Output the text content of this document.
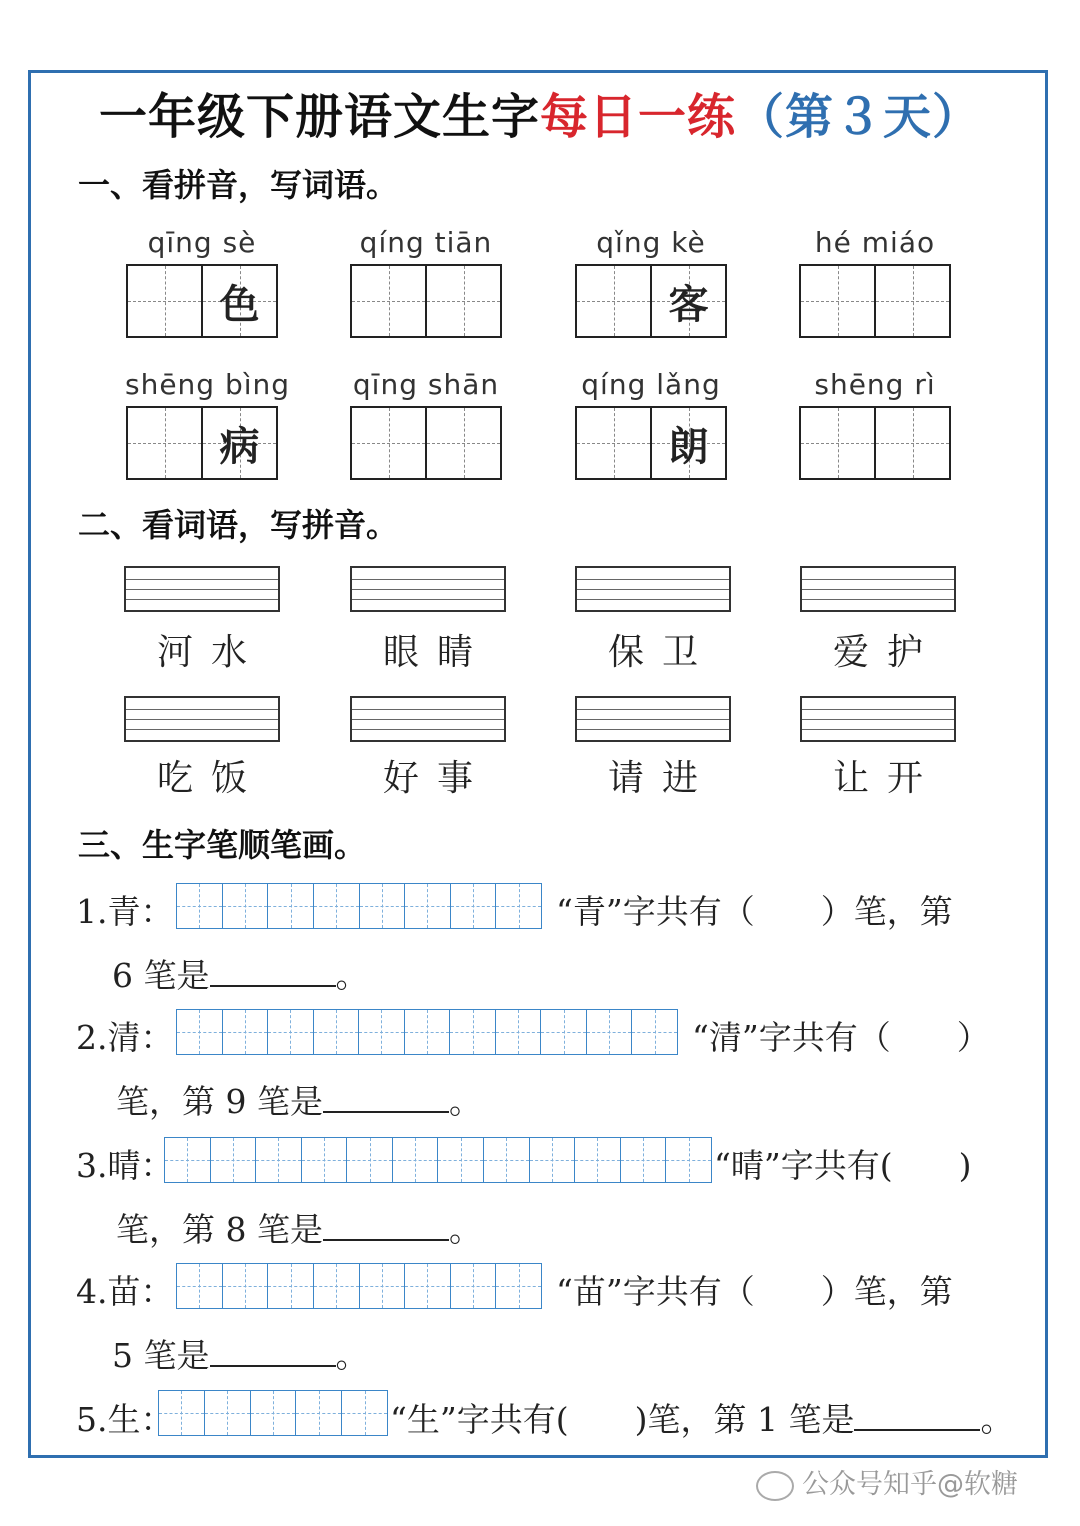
一年级下册语文生字每日一练（第３天）
一、看拼音，写词语。
qīng sè
色
qíng tiān	qǐng kè
客
hé miáo
shēng bìng
病
qīng shān	qíng lǎng
朗
shēng rì
二、看词语，写拼音。
河水	眼睛	保卫	爱护
吃饭	好事	请进	让开
三、生字笔顺笔画。
1.青：	“青”字共有（　　）笔，第
6 笔是	。
2.清：	“清”字共有（　　）
笔，第 9 笔是	。
3.晴：	“晴”字共有(　　)
笔，第 8 笔是	。
4.苗：	“苗”字共有（　　）笔，第
5 笔是	。
5.生：	“生”字共有(　　)笔，第 1 笔是	。
公众号知乎@软糖
